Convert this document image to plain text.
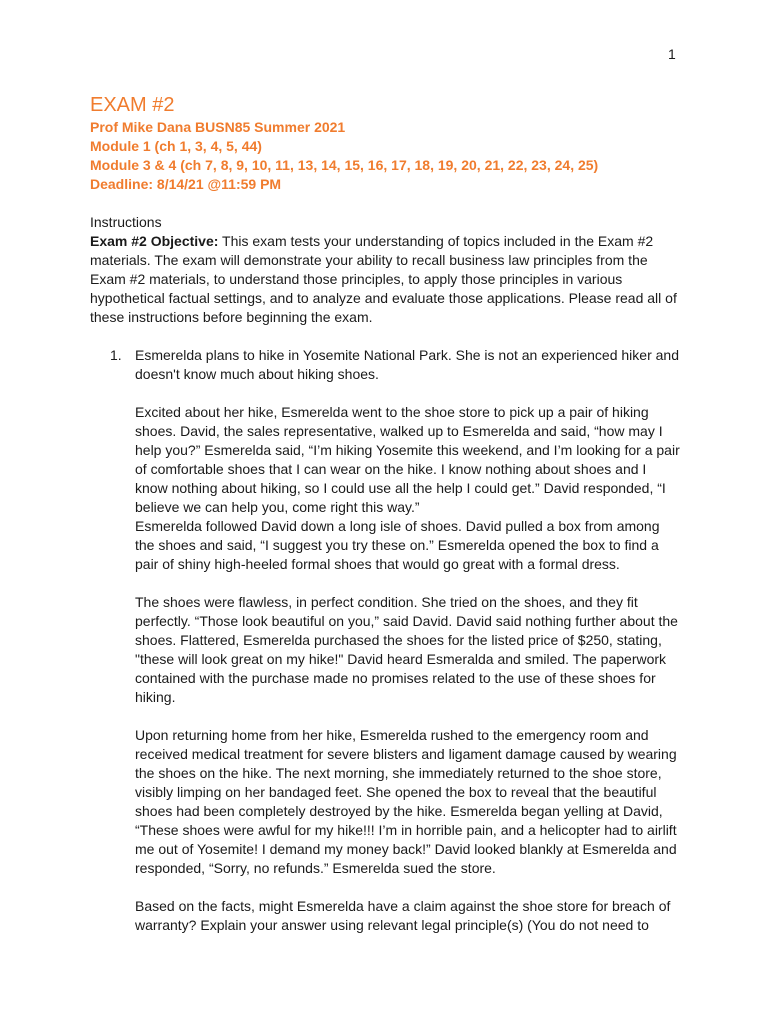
1
EXAM #2
Prof Mike Dana BUSN85 Summer 2021
Module 1 (ch 1, 3, 4, 5, 44)
Module 3 & 4 (ch 7, 8, 9, 10, 11, 13, 14, 15, 16, 17, 18, 19, 20, 21, 22, 23, 24, 25)
Deadline: 8/14/21 @11:59 PM
Instructions
Exam #2 Objective: This exam tests your understanding of topics included in the Exam #2 materials. The exam will demonstrate your ability to recall business law principles from the Exam #2 materials, to understand those principles, to apply those principles in various hypothetical factual settings, and to analyze and evaluate those applications. Please read all of these instructions before beginning the exam.
1. Esmerelda plans to hike in Yosemite National Park. She is not an experienced hiker and doesn't know much about hiking shoes.
Excited about her hike, Esmerelda went to the shoe store to pick up a pair of hiking shoes. David, the sales representative, walked up to Esmerelda and said, “how may I help you?” Esmerelda said, “I’m hiking Yosemite this weekend, and I’m looking for a pair of comfortable shoes that I can wear on the hike. I know nothing about shoes and I know nothing about hiking, so I could use all the help I could get.” David responded, “I believe we can help you, come right this way.”
Esmerelda followed David down a long isle of shoes. David pulled a box from among the shoes and said, “I suggest you try these on.” Esmerelda opened the box to find a pair of shiny high-heeled formal shoes that would go great with a formal dress.
The shoes were flawless, in perfect condition. She tried on the shoes, and they fit perfectly. “Those look beautiful on you,” said David. David said nothing further about the shoes. Flattered, Esmerelda purchased the shoes for the listed price of $250, stating, "these will look great on my hike!" David heard Esmeralda and smiled. The paperwork contained with the purchase made no promises related to the use of these shoes for hiking.
Upon returning home from her hike, Esmerelda rushed to the emergency room and received medical treatment for severe blisters and ligament damage caused by wearing the shoes on the hike. The next morning, she immediately returned to the shoe store, visibly limping on her bandaged feet. She opened the box to reveal that the beautiful shoes had been completely destroyed by the hike. Esmerelda began yelling at David, “These shoes were awful for my hike!!! I’m in horrible pain, and a helicopter had to airlift me out of Yosemite! I demand my money back!” David looked blankly at Esmerelda and responded, “Sorry, no refunds.” Esmerelda sued the store.
Based on the facts, might Esmerelda have a claim against the shoe store for breach of warranty? Explain your answer using relevant legal principle(s) (You do not need to
